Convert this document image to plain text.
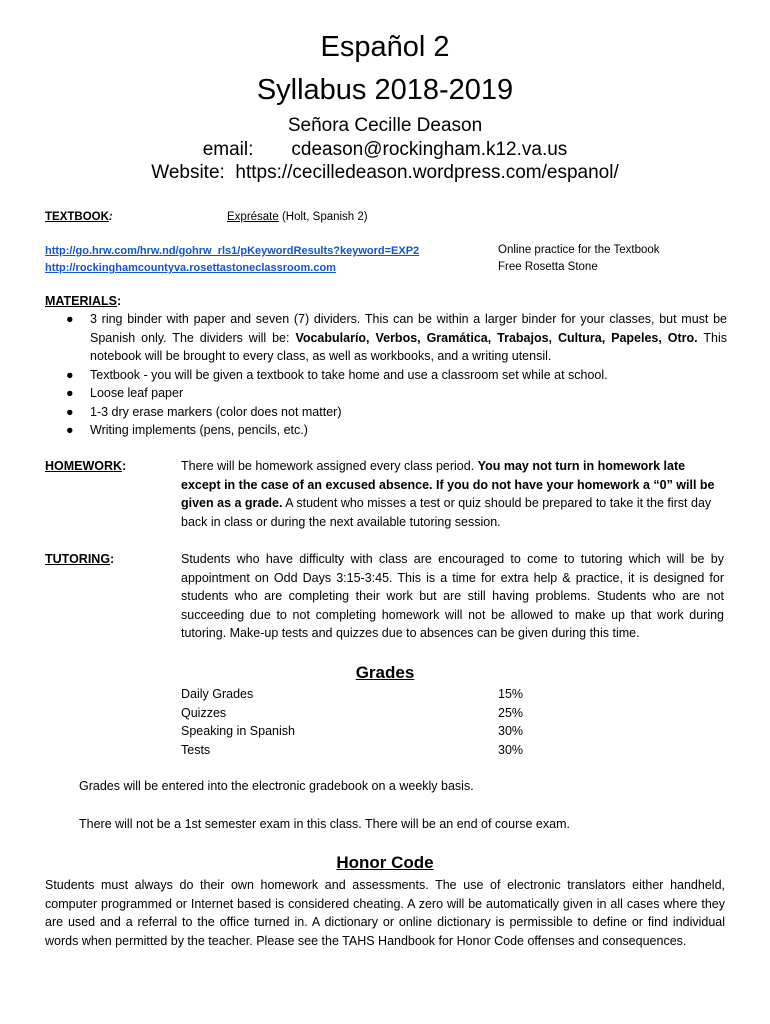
Español 2
Syllabus 2018-2019
Señora Cecille Deason
email: cdeason@rockingham.k12.va.us
Website: https://cecilledeason.wordpress.com/espanol/
TEXTBOOK:	Exprésate (Holt, Spanish 2)
http://go.hrw.com/hrw.nd/gohrw_rls1/pKeywordResults?keyword=EXP2	Online practice for the Textbook
http://rockinghamcountyva.rosettastoneclassroom.com	Free Rosetta Stone
MATERIALS:
● 3 ring binder with paper and seven (7) dividers. This can be within a larger binder for your classes, but must be Spanish only. The dividers will be: Vocabularío, Verbos, Gramática, Trabajos, Cultura, Papeles, Otro. This notebook will be brought to every class, as well as workbooks, and a writing utensil.
● Textbook - you will be given a textbook to take home and use a classroom set while at school.
● Loose leaf paper
● 1-3 dry erase markers (color does not matter)
● Writing implements (pens, pencils, etc.)
HOMEWORK:	There will be homework assigned every class period. You may not turn in homework late except in the case of an excused absence. If you do not have your homework a “0” will be given as a grade. A student who misses a test or quiz should be prepared to take it the first day back in class or during the next available tutoring session.
TUTORING:	Students who have difficulty with class are encouraged to come to tutoring which will be by appointment on Odd Days 3:15-3:45. This is a time for extra help & practice, it is designed for students who are completing their work but are still having problems. Students who are not succeeding due to not completing homework will not be allowed to make up that work during tutoring. Make-up tests and quizzes due to absences can be given during this time.
Grades
Daily Grades	15%
Quizzes	25%
Speaking in Spanish	30%
Tests	30%
Grades will be entered into the electronic gradebook on a weekly basis.
There will not be a 1st semester exam in this class. There will be an end of course exam.
Honor Code
Students must always do their own homework and assessments. The use of electronic translators either handheld, computer programmed or Internet based is considered cheating. A zero will be automatically given in all cases where they are used and a referral to the office turned in. A dictionary or online dictionary is permissible to define or find individual words when permitted by the teacher. Please see the TAHS Handbook for Honor Code offenses and consequences.
